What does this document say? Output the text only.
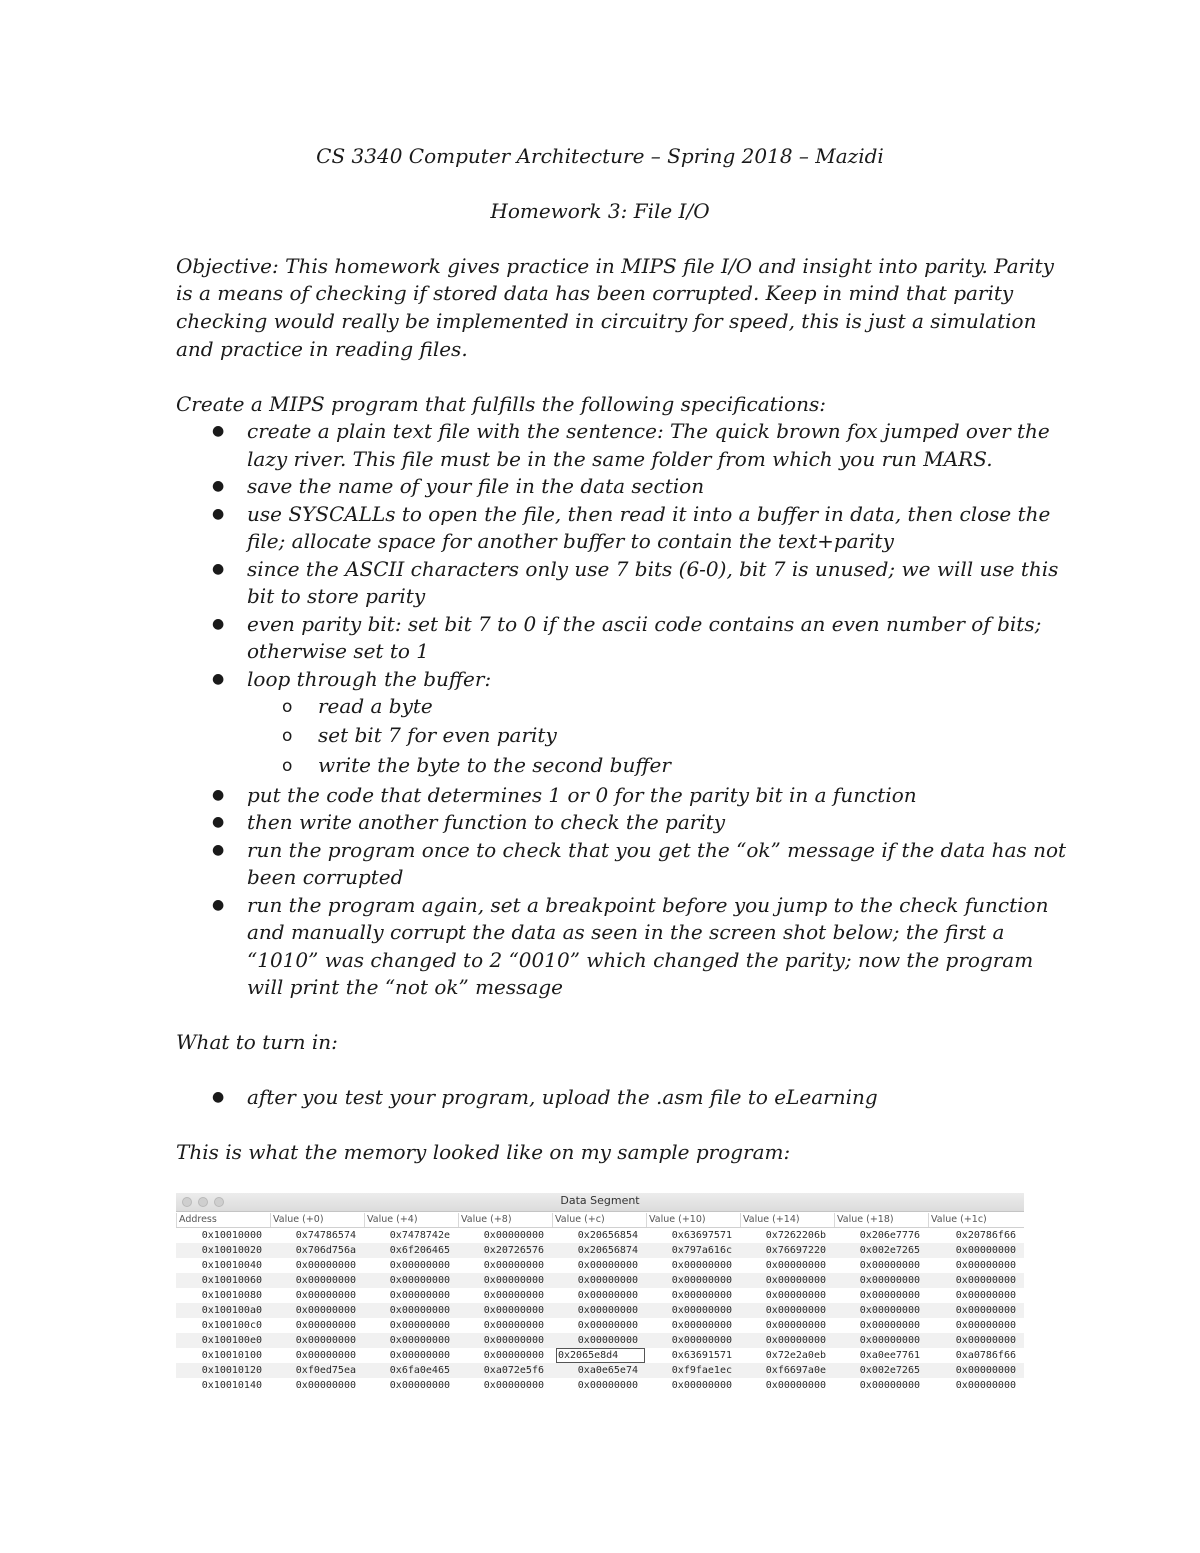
CS 3340 Computer Architecture – Spring 2018 – Mazidi
Homework 3: File I/O
Objective: This homework gives practice in MIPS file I/O and insight into parity. Parity
is a means of checking if stored data has been corrupted. Keep in mind that parity
checking would really be implemented in circuitry for speed, this is just a simulation
and practice in reading files.
Create a MIPS program that fulfills the following specifications:
● create a plain text file with the sentence: The quick brown fox jumped over the
lazy river. This file must be in the same folder from which you run MARS.
● save the name of your file in the data section
● use SYSCALLs to open the file, then read it into a buffer in data, then close the
file; allocate space for another buffer to contain the text+parity
● since the ASCII characters only use 7 bits (6-0), bit 7 is unused; we will use this
bit to store parity
● even parity bit: set bit 7 to 0 if the ascii code contains an even number of bits;
otherwise set to 1
● loop through the buffer:
o read a byte
o set bit 7 for even parity
o write the byte to the second buffer
● put the code that determines 1 or 0 for the parity bit in a function
● then write another function to check the parity
● run the program once to check that you get the “ok” message if the data has not
been corrupted
● run the program again, set a breakpoint before you jump to the check function
and manually corrupt the data as seen in the screen shot below; the first a
“1010” was changed to 2 “0010” which changed the parity; now the program
will print the “not ok” message
What to turn in:
● after you test your program, upload the .asm file to eLearning
This is what the memory looked like on my sample program:
Data Segment
Address	Value (+0)	Value (+4)	Value (+8)	Value (+c)	Value (+10)	Value (+14)	Value (+18)	Value (+1c)
0x10010000	0x74786574	0x7478742e	0x00000000	0x20656854	0x63697571	0x7262206b	0x206e7776	0x20786f66
0x10010020	0x706d756a	0x6f206465	0x20726576	0x20656874	0x797a616c	0x76697220	0x002e7265	0x00000000
0x10010040	0x00000000	0x00000000	0x00000000	0x00000000	0x00000000	0x00000000	0x00000000	0x00000000
0x10010060	0x00000000	0x00000000	0x00000000	0x00000000	0x00000000	0x00000000	0x00000000	0x00000000
0x10010080	0x00000000	0x00000000	0x00000000	0x00000000	0x00000000	0x00000000	0x00000000	0x00000000
0x100100a0	0x00000000	0x00000000	0x00000000	0x00000000	0x00000000	0x00000000	0x00000000	0x00000000
0x100100c0	0x00000000	0x00000000	0x00000000	0x00000000	0x00000000	0x00000000	0x00000000	0x00000000
0x100100e0	0x00000000	0x00000000	0x00000000	0x00000000	0x00000000	0x00000000	0x00000000	0x00000000
0x10010100	0x00000000	0x00000000	0x00000000 0x2065e8d4	0x63691571	0x72e2a0eb	0xa0ee7761	0xa0786f66
0x10010120	0xf0ed75ea	0x6fa0e465	0xa072e5f6	0xa0e65e74	0xf9fae1ec	0xf6697a0e	0x002e7265	0x00000000
0x10010140	0x00000000	0x00000000	0x00000000	0x00000000	0x00000000	0x00000000	0x00000000	0x00000000
